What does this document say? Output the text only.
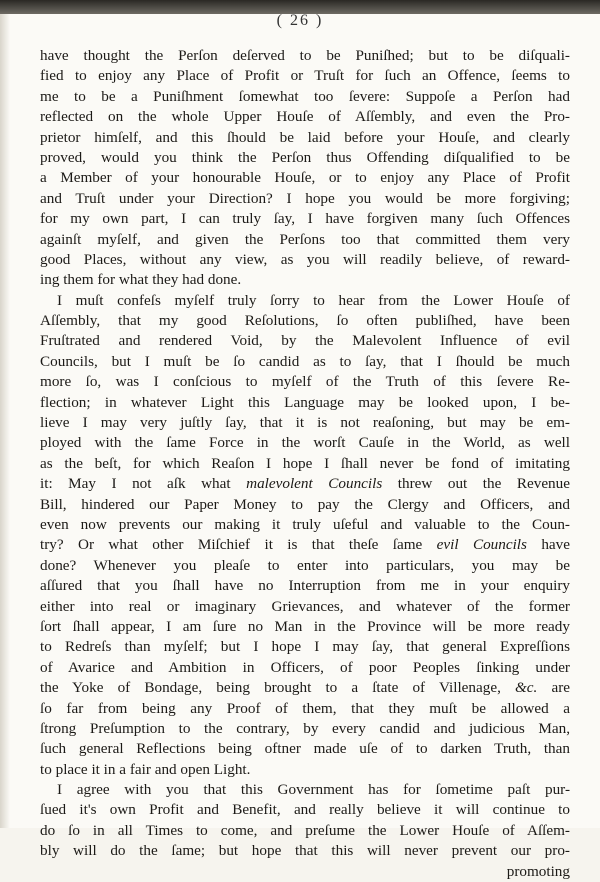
( 26 )
have thought the Perſon deſerved to be Puniſhed; but to be diſquali-
fied to enjoy any Place of Profit or Truſt for ſuch an Offence, ſeems to
me to be a Puniſhment ſomewhat too ſevere: Suppoſe a Perſon had
reflected on the whole Upper Houſe of Aſſembly, and even the Pro-
prietor himſelf, and this ſhould be laid before your Houſe, and clearly
proved, would you think the Perſon thus Offending diſqualified to be
a Member of your honourable Houſe, or to enjoy any Place of Profit
and Truſt under your Direction? I hope you would be more forgiving;
for my own part, I can truly ſay, I have forgiven many ſuch Offences
againſt myſelf, and given the Perſons too that committed them very
good Places, without any view, as you will readily believe, of reward-
ing them for what they had done.
I muſt confeſs myſelf truly ſorry to hear from the Lower Houſe of
Aſſembly, that my good Reſolutions, ſo often publiſhed, have been
Fruſtrated and rendered Void, by the Malevolent Influence of evil
Councils, but I muſt be ſo candid as to ſay, that I ſhould be much
more ſo, was I conſcious to myſelf of the Truth of this ſevere Re-
flection; in whatever Light this Language may be looked upon, I be-
lieve I may very juſtly ſay, that it is not reaſoning, but may be em-
ployed with the ſame Force in the worſt Cauſe in the World, as well
as the beſt, for which Reaſon I hope I ſhall never be fond of imitating
it: May I not aſk what malevolent Councils threw out the Revenue
Bill, hindered our Paper Money to pay the Clergy and Officers, and
even now prevents our making it truly uſeful and valuable to the Coun-
try? Or what other Miſchief it is that theſe ſame evil Councils have
done? Whenever you pleaſe to enter into particulars, you may be
aſſured that you ſhall have no Interruption from me in your enquiry
either into real or imaginary Grievances, and whatever of the former
ſort ſhall appear, I am ſure no Man in the Province will be more ready
to Redreſs than myſelf; but I hope I may ſay, that general Expreſſions
of Avarice and Ambition in Officers, of poor Peoples ſinking under
the Yoke of Bondage, being brought to a ſtate of Villenage, &c. are
ſo far from being any Proof of them, that they muſt be allowed a
ſtrong Preſumption to the contrary, by every candid and judicious Man,
ſuch general Reflections being oftner made uſe of to darken Truth, than
to place it in a fair and open Light.
I agree with you that this Government has for ſometime paſt pur-
ſued it's own Profit and Benefit, and really believe it will continue to
do ſo in all Times to come, and preſume the Lower Houſe of Aſſem-
bly will do the ſame; but hope that this will never prevent our pro-
promoting
